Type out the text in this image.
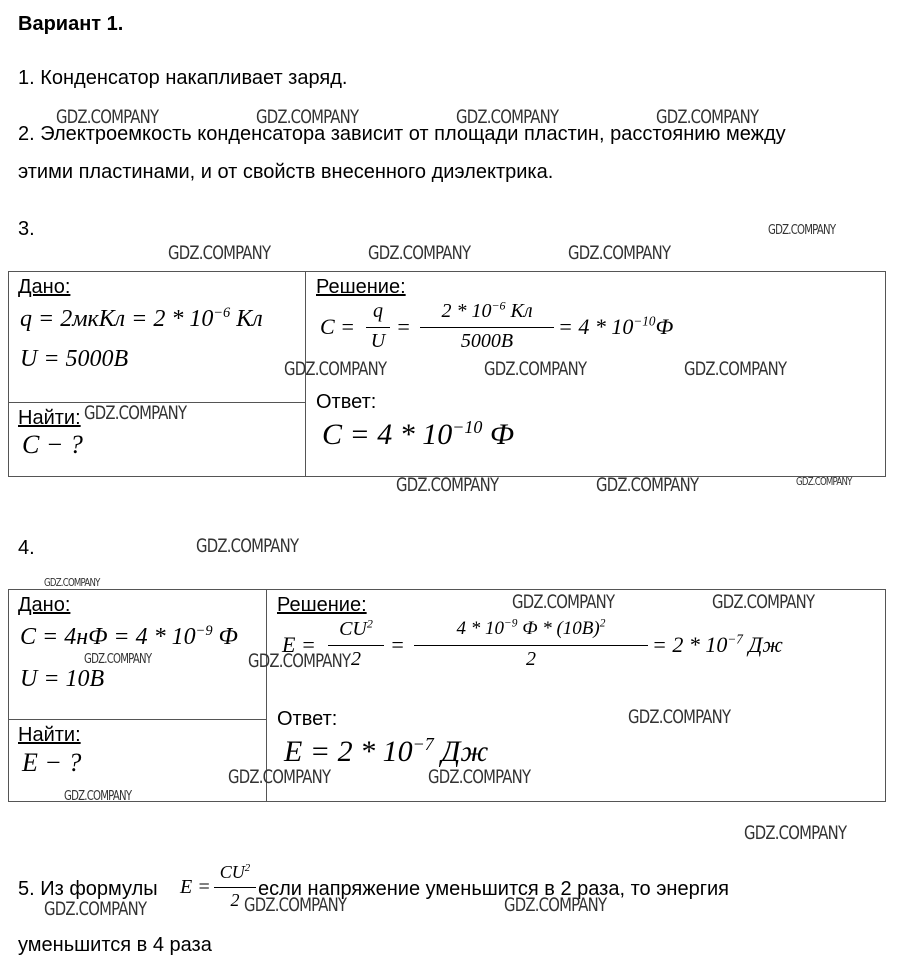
Вариант 1.
1. Конденсатор накапливает заряд.
2. Электроемкость конденсатора зависит от площади пластин, расстоянию между
этими пластинами, и от свойств внесенного диэлектрика.
3.
Дано:
q = 2мкКл = $2 * 10^{-6}$ Кл
U = 5000B
Найти:
C − ?
Решение:
C =
q
U
=
$2 * 10^{-6}$ Кл
5000B
= $4 * 10^{-10}Ф$
Ответ:
$C = 4 * 10^{-10}$ Ф
4.
Дано:
$C = 4нФ = 4 * 10^{-9}$ Ф
U = 10B
Найти:
E − ?
Решение:
E =
$CU^2$
2
=
$4 * 10^{-9}$ Ф * $(10B)^2$
2
= $2 * 10^{-7}$ Дж
Ответ:
$E = 2 * 10^{-7}$ Дж
5. Из формулы E =
$CU^2$
2 если напряжение уменьшится в 2 раза, то энергия
уменьшится в 4 раза
GDZ.COMPANY	GDZ.COMPANY	GDZ.COMPANY	GDZ.COMPANY
GDZ.COMPANY
GDZ.COMPANY	GDZ.COMPANY	GDZ.COMPANY
GDZ.COMPANY	GDZ.COMPANY	GDZ.COMPANY
GDZ.COMPANY
GDZ.COMPANY	GDZ.COMPANY	GDZ.COMPANY
GDZ.COMPANY
GDZ.COMPANY
GDZ.COMPANY	GDZ.COMPANY
GDZ.COMPANY	GDZ.COMPANY
GDZ.COMPANY
GDZ.COMPANY	GDZ.COMPANY
GDZ.COMPANY
GDZ.COMPANY
GDZ.COMPANY	GDZ.COMPANY	GDZ.COMPANY
